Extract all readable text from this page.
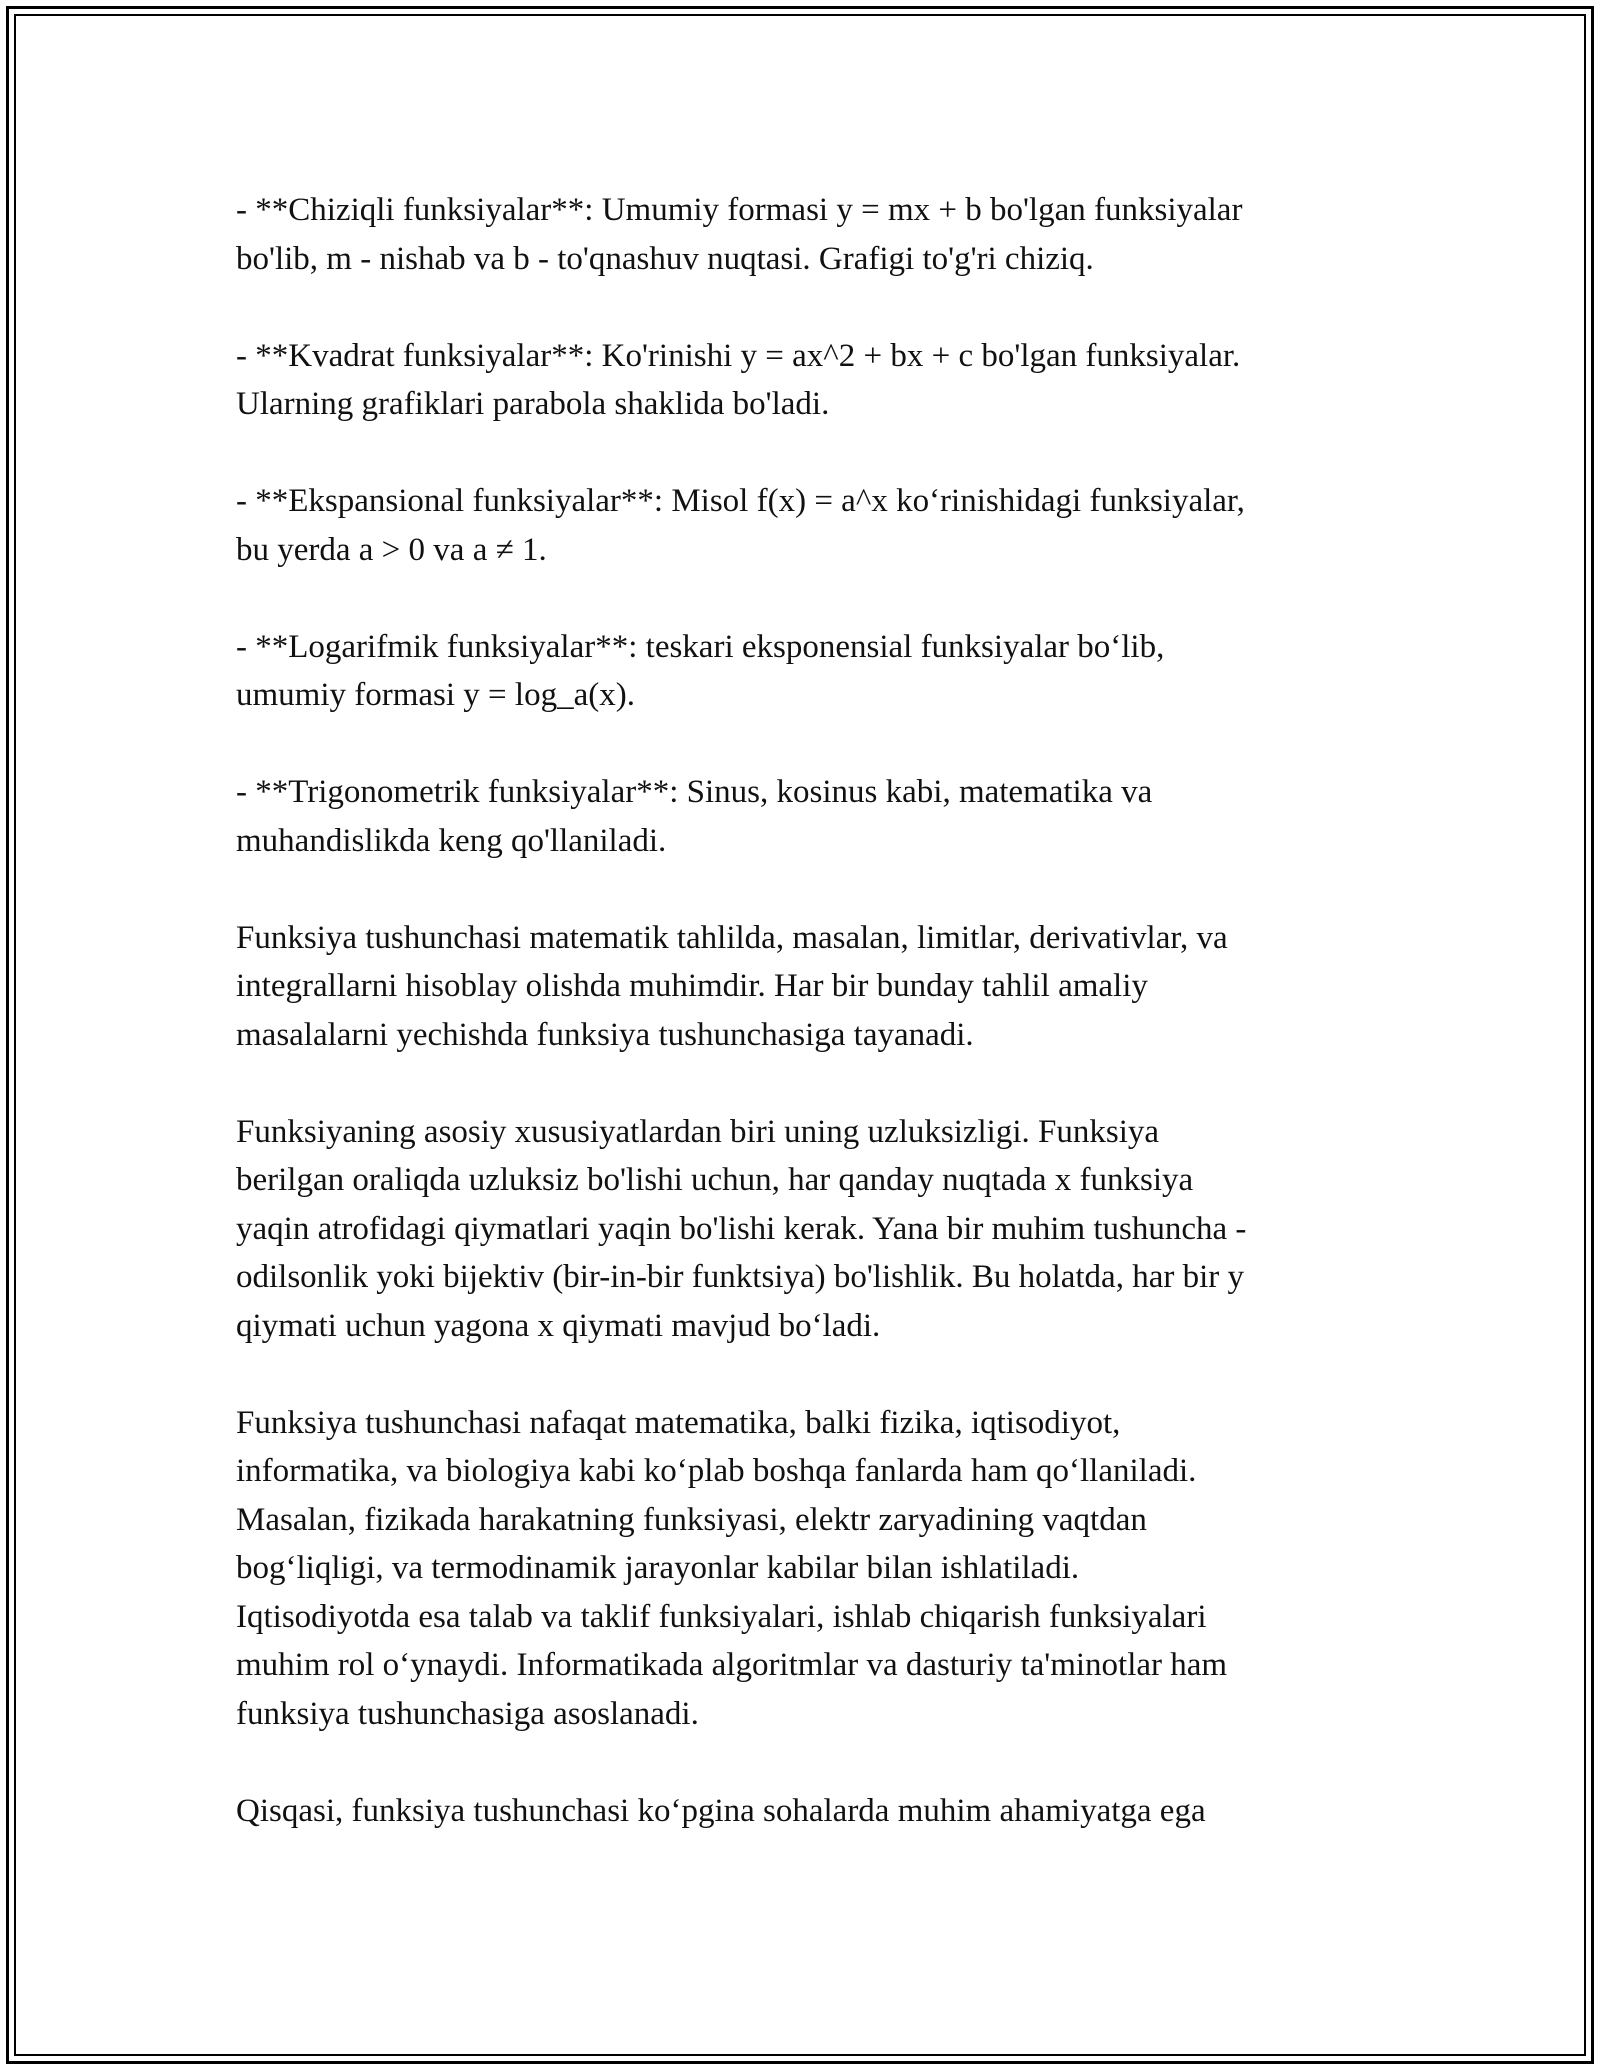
- **Chiziqli funksiyalar**: Umumiy formasi y = mx + b bo'lgan funksiyalar
bo'lib, m - nishab va b - to'qnashuv nuqtasi. Grafigi to'g'ri chiziq.

- **Kvadrat funksiyalar**: Ko'rinishi y = ax^2 + bx + c bo'lgan funksiyalar.
Ularning grafiklari parabola shaklida bo'ladi.

- **Ekspansional funksiyalar**: Misol f(x) = a^x ko‘rinishidagi funksiyalar,
bu yerda a > 0 va a ≠ 1.

- **Logarifmik funksiyalar**: teskari eksponensial funksiyalar bo‘lib,
umumiy formasi y = log_a(x).

- **Trigonometrik funksiyalar**: Sinus, kosinus kabi, matematika va
muhandislikda keng qo'llaniladi.

Funksiya tushunchasi matematik tahlilda, masalan, limitlar, derivativlar, va
integrallarni hisoblay olishda muhimdir. Har bir bunday tahlil amaliy
masalalarni yechishda funksiya tushunchasiga tayanadi.

Funksiyaning asosiy xususiyatlardan biri uning uzluksizligi. Funksiya
berilgan oraliqda uzluksiz bo'lishi uchun, har qanday nuqtada x funksiya
yaqin atrofidagi qiymatlari yaqin bo'lishi kerak. Yana bir muhim tushuncha -
odilsonlik yoki bijektiv (bir-in-bir funktsiya) bo'lishlik. Bu holatda, har bir y
qiymati uchun yagona x qiymati mavjud bo‘ladi.

Funksiya tushunchasi nafaqat matematika, balki fizika, iqtisodiyot,
informatika, va biologiya kabi ko‘plab boshqa fanlarda ham qo‘llaniladi.
Masalan, fizikada harakatning funksiyasi, elektr zaryadining vaqtdan
bog‘liqligi, va termodinamik jarayonlar kabilar bilan ishlatiladi.
Iqtisodiyotda esa talab va taklif funksiyalari, ishlab chiqarish funksiyalari
muhim rol o‘ynaydi. Informatikada algoritmlar va dasturiy ta'minotlar ham
funksiya tushunchasiga asoslanadi.

Qisqasi, funksiya tushunchasi ko‘pgina sohalarda muhim ahamiyatga ega
